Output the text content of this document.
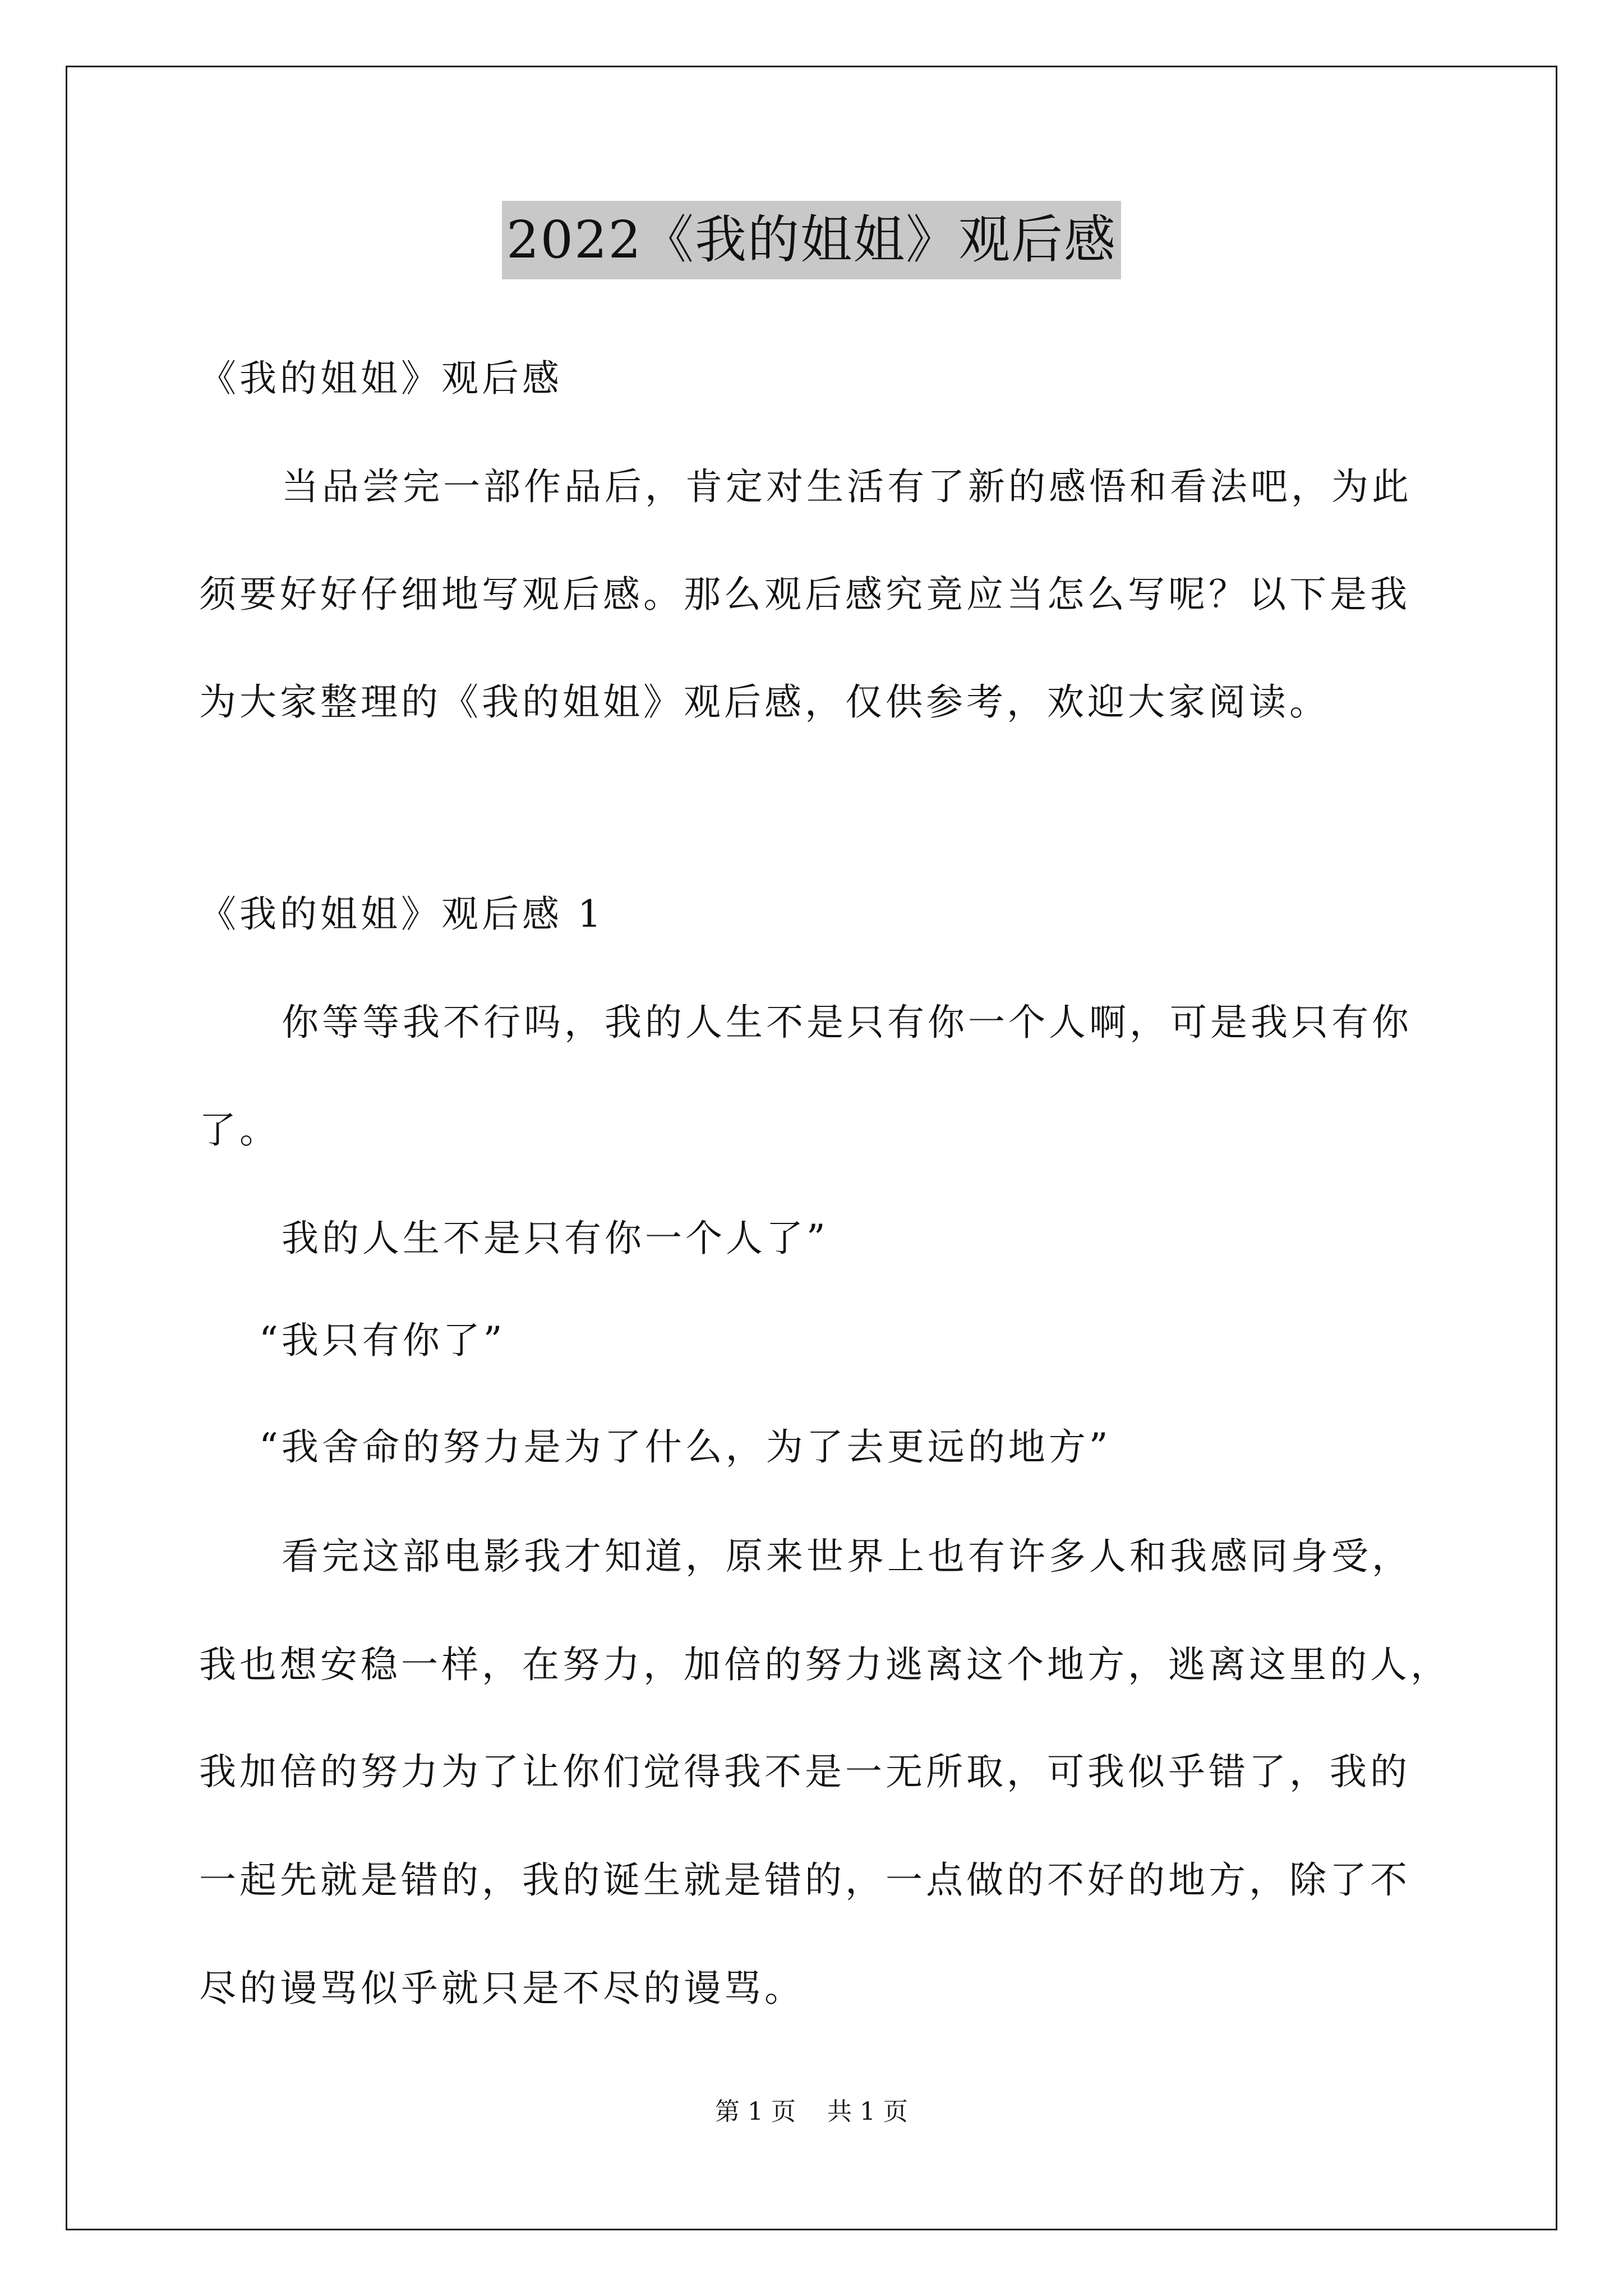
2022《我的姐姐》观后感
《我的姐姐》观后感
当品尝完一部作品后，肯定对生活有了新的感悟和看法吧，为此
须要好好仔细地写观后感。那么观后感究竟应当怎么写呢？以下是我
为大家整理的《我的姐姐》观后感，仅供参考，欢迎大家阅读。
《我的姐姐》观后感 1
你等等我不行吗，我的人生不是只有你一个人啊，可是我只有你
了。
我的人生不是只有你一个人了”
“我只有你了”
“我舍命的努力是为了什么，为了去更远的地方”
看完这部电影我才知道，原来世界上也有许多人和我感同身受，
我也想安稳一样，在努力，加倍的努力逃离这个地方，逃离这里的人，
我加倍的努力为了让你们觉得我不是一无所取，可我似乎错了，我的
一起先就是错的，我的诞生就是错的，一点做的不好的地方，除了不
尽的谩骂似乎就只是不尽的谩骂。
第 1 页 共 1 页
